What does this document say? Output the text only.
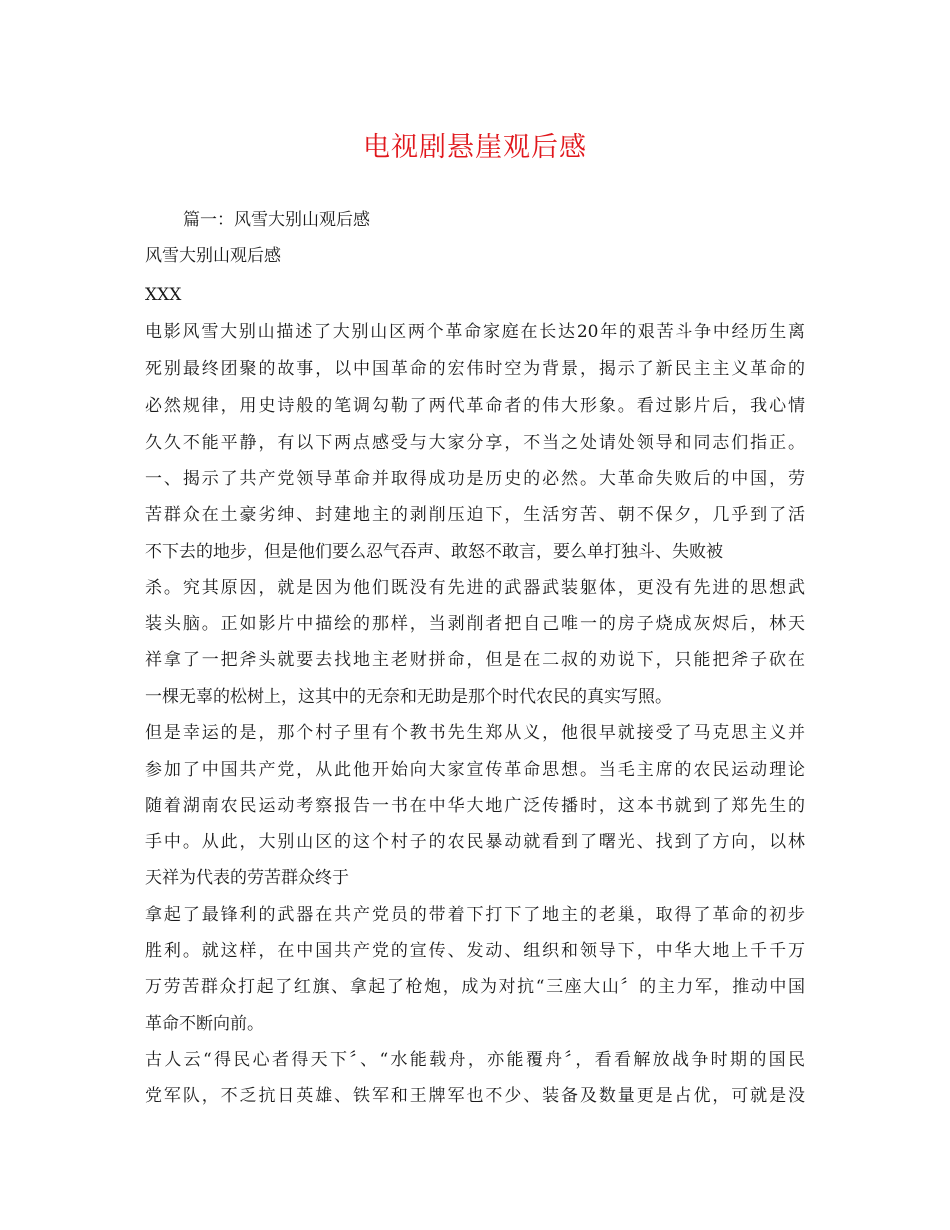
电视剧悬崖观后感
篇一：风雪大别山观后感
风雪大别山观后感
XXX
电影风雪大别山描述了大别山区两个革命家庭在长达20年的艰苦斗争中经历生离
死别最终团聚的故事，以中国革命的宏伟时空为背景，揭示了新民主主义革命的
必然规律，用史诗般的笔调勾勒了两代革命者的伟大形象。看过影片后，我心情
久久不能平静，有以下两点感受与大家分享，不当之处请处领导和同志们指正。
一、揭示了共产党领导革命并取得成功是历史的必然。大革命失败后的中国，劳
苦群众在土豪劣绅、封建地主的剥削压迫下，生活穷苦、朝不保夕，几乎到了活
不下去的地步，但是他们要么忍气吞声、敢怒不敢言，要么单打独斗、失败被
杀。究其原因，就是因为他们既没有先进的武器武装躯体，更没有先进的思想武
装头脑。正如影片中描绘的那样，当剥削者把自己唯一的房子烧成灰烬后，林天
祥拿了一把斧头就要去找地主老财拼命，但是在二叔的劝说下，只能把斧子砍在
一棵无辜的松树上，这其中的无奈和无助是那个时代农民的真实写照。
但是幸运的是，那个村子里有个教书先生郑从义，他很早就接受了马克思主义并
参加了中国共产党，从此他开始向大家宣传革命思想。当毛主席的农民运动理论
随着湖南农民运动考察报告一书在中华大地广泛传播时，这本书就到了郑先生的
手中。从此，大别山区的这个村子的农民暴动就看到了曙光、找到了方向，以林
天祥为代表的劳苦群众终于
拿起了最锋利的武器在共产党员的带着下打下了地主的老巢，取得了革命的初步
胜利。就这样，在中国共产党的宣传、发动、组织和领导下，中华大地上千千万
万劳苦群众打起了红旗、拿起了枪炮，成为对抗“三座大山〞的主力军，推动中国
革命不断向前。
古人云“得民心者得天下〞、“水能载舟，亦能覆舟〞，看看解放战争时期的国民
党军队，不乏抗日英雄、铁军和王牌军也不少、装备及数量更是占优，可就是没
